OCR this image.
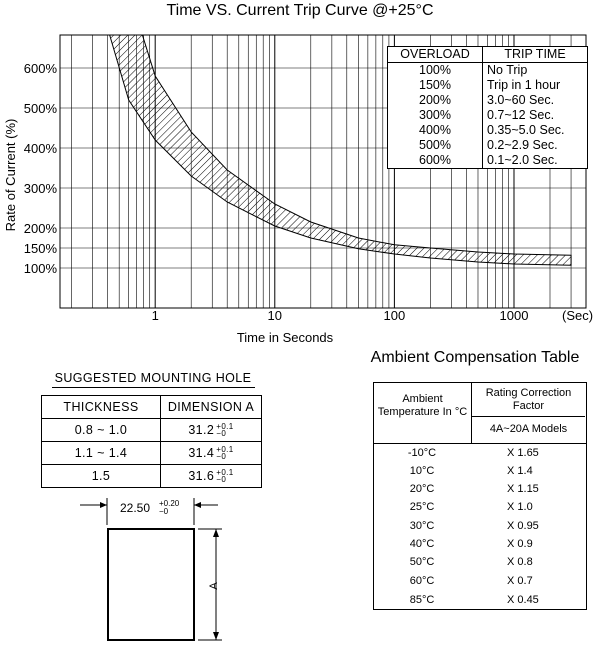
Time VS. Current Trip Curve @+25°C
100%
150%
200%
300%
400%
500%
600%
1	10	100	1000	(Sec)
Time in Seconds
Rate of Current (%)
OVERLOAD	TRIP TIME
100%	No Trip
150%	Trip in 1 hour
200%	3.0~60 Sec.
300%	0.7~12 Sec.
400%	0.35~5.0 Sec.
500%	0.2~2.9 Sec.
600%	0.1~2.0 Sec.
SUGGESTED MOUNTING HOLE
THICKNESS	DIMENSION A
0.8 ~ 1.0	31.2 +0.1
−0

1.1 ~ 1.4	31.4 +0.1
−0

1.5	31.6 +0.1
−0
22.50 +0.20
−0
A
Ambient Compensation Table
Ambient Temperature In °C
Rating Correction Factor
4A~20A Models
-10°C	X 1.65
10°C	X 1.4
20°C	X 1.15
25°C	X 1.0
30°C	X 0.95
40°C	X 0.9
50°C	X 0.8
60°C	X 0.7
85°C	X 0.45
